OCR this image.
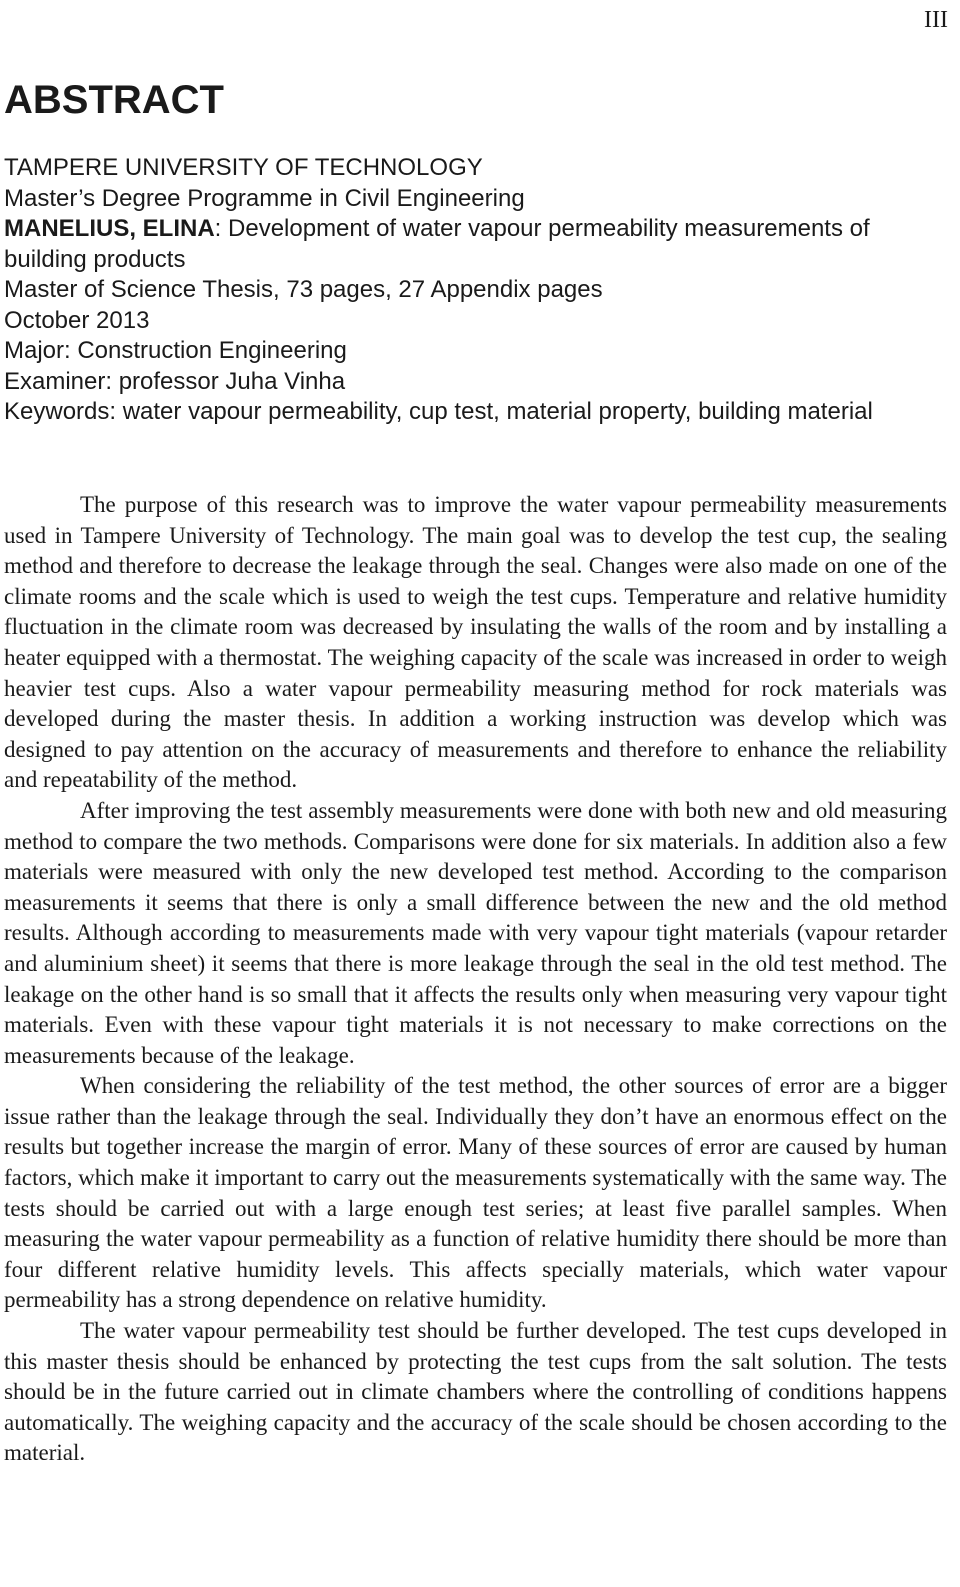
III

ABSTRACT
TAMPERE UNIVERSITY OF TECHNOLOGY
Master’s Degree Programme in Civil Engineering
MANELIUS, ELINA: Development of water vapour permeability measurements of building products
Master of Science Thesis, 73 pages, 27 Appendix pages
October 2013
Major: Construction Engineering
Examiner: professor Juha Vinha
Keywords: water vapour permeability, cup test, material property, building material

The purpose of this research was to improve the water vapour permeability measurements used in Tampere University of Technology. The main goal was to develop the test cup, the sealing method and therefore to decrease the leakage through the seal. Changes were also made on one of the climate rooms and the scale which is used to weigh the test cups. Temperature and relative humidity fluctuation in the climate room was decreased by insulating the walls of the room and by installing a heater equipped with a thermostat. The weighing capacity of the scale was increased in order to weigh heavier test cups. Also a water vapour permeability measuring method for rock materials was developed during the master thesis. In addition a working instruction was develop which was designed to pay attention on the accuracy of measurements and therefore to enhance the reliability and repeatability of the method.

After improving the test assembly measurements were done with both new and old measuring method to compare the two methods. Comparisons were done for six materials. In addition also a few materials were measured with only the new developed test method. According to the comparison measurements it seems that there is only a small difference between the new and the old method results. Although according to measurements made with very vapour tight materials (vapour retarder and aluminium sheet) it seems that there is more leakage through the seal in the old test method. The leakage on the other hand is so small that it affects the results only when measuring very vapour tight materials. Even with these vapour tight materials it is not necessary to make corrections on the measurements because of the leakage.

When considering the reliability of the test method, the other sources of error are a bigger issue rather than the leakage through the seal. Individually they don’t have an enormous effect on the results but together increase the margin of error. Many of these sources of error are caused by human factors, which make it important to carry out the measurements systematically with the same way. The tests should be carried out with a large enough test series; at least five parallel samples. When measuring the water vapour permeability as a function of relative humidity there should be more than four different relative humidity levels. This affects specially materials, which water vapour permeability has a strong dependence on relative humidity.

The water vapour permeability test should be further developed. The test cups developed in this master thesis should be enhanced by protecting the test cups from the salt solution. The tests should be in the future carried out in climate chambers where the controlling of conditions happens automatically. The weighing capacity and the accuracy of the scale should be chosen according to the material.
